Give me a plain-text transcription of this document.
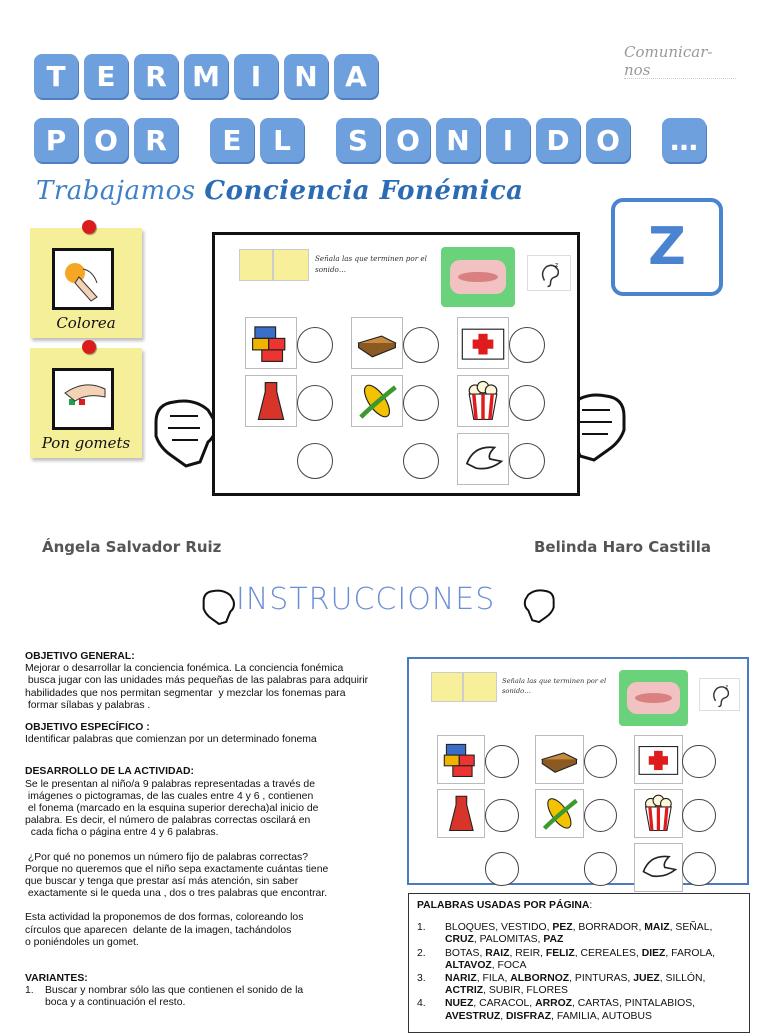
T	E	R M	I	N A
P O R	E	L	S	O N	I	D O	…
Comunicar-nos
Trabajamos Conciencia Fonémica
Z
Colorea
Pon gomets
Señala las que terminen por el sonido…	z
Ángela Salvador Ruiz	Belinda Haro Castilla
INSTRUCCIONES

OBJETIVO GENERAL:

Mejorar o desarrollar la conciencia fonémica. La conciencia fonémica

busca jugar con las unidades más pequeñas de las palabras para adquirir

habilidades que nos permitan segmentar  y mezclar los fonemas para

formar sílabas y palabras .

OBJETIVO ESPECÍFICO :

Identificar palabras que comienzan por un determinado fonema

DESARROLLO DE LA ACTIVIDAD:

Se le presentan al niño/a 9 palabras representadas a través de

imágenes o pictogramas, de las cuales entre 4 y 6 , contienen

el fonema (marcado en la esquina superior derecha)al inicio de

palabra. Es decir, el número de palabras correctas oscilará en

cada ficha o página entre 4 y 6 palabras.

¿Por qué no ponemos un número fijo de palabras correctas?

Porque no queremos que el niño sepa exactamente cuántas tiene

que buscar y tenga que prestar así más atención, sin saber

exactamente si le queda una , dos o tres palabras que encontrar.

Esta actividad la proponemos de dos formas, coloreando los

círculos que aparecen  delante de la imagen, tachándolos

o poniéndoles un gomet.

VARIANTES:

1.	Buscar y nombrar sólo las que contienen el sonido de la
boca y a continuación el resto.
Señala las que terminen por el sonido…	z
PALABRAS USADAS POR PÁGINA:
1.	BLOQUES, VESTIDO, PEZ, BORRADOR, MAIZ, SEÑAL, CRUZ, PALOMITAS, PAZ
2.	BOTAS, RAIZ, REIR, FELIZ, CEREALES, DIEZ, FAROLA, ALTAVOZ, FOCA
3.	NARIZ, FILA, ALBORNOZ, PINTURAS, JUEZ, SILLÓN, ACTRIZ, SUBIR, FLORES
4.	NUEZ, CARACOL, ARROZ, CARTAS, PINTALABIOS, AVESTRUZ, DISFRAZ, FAMILIA, AUTOBUS
